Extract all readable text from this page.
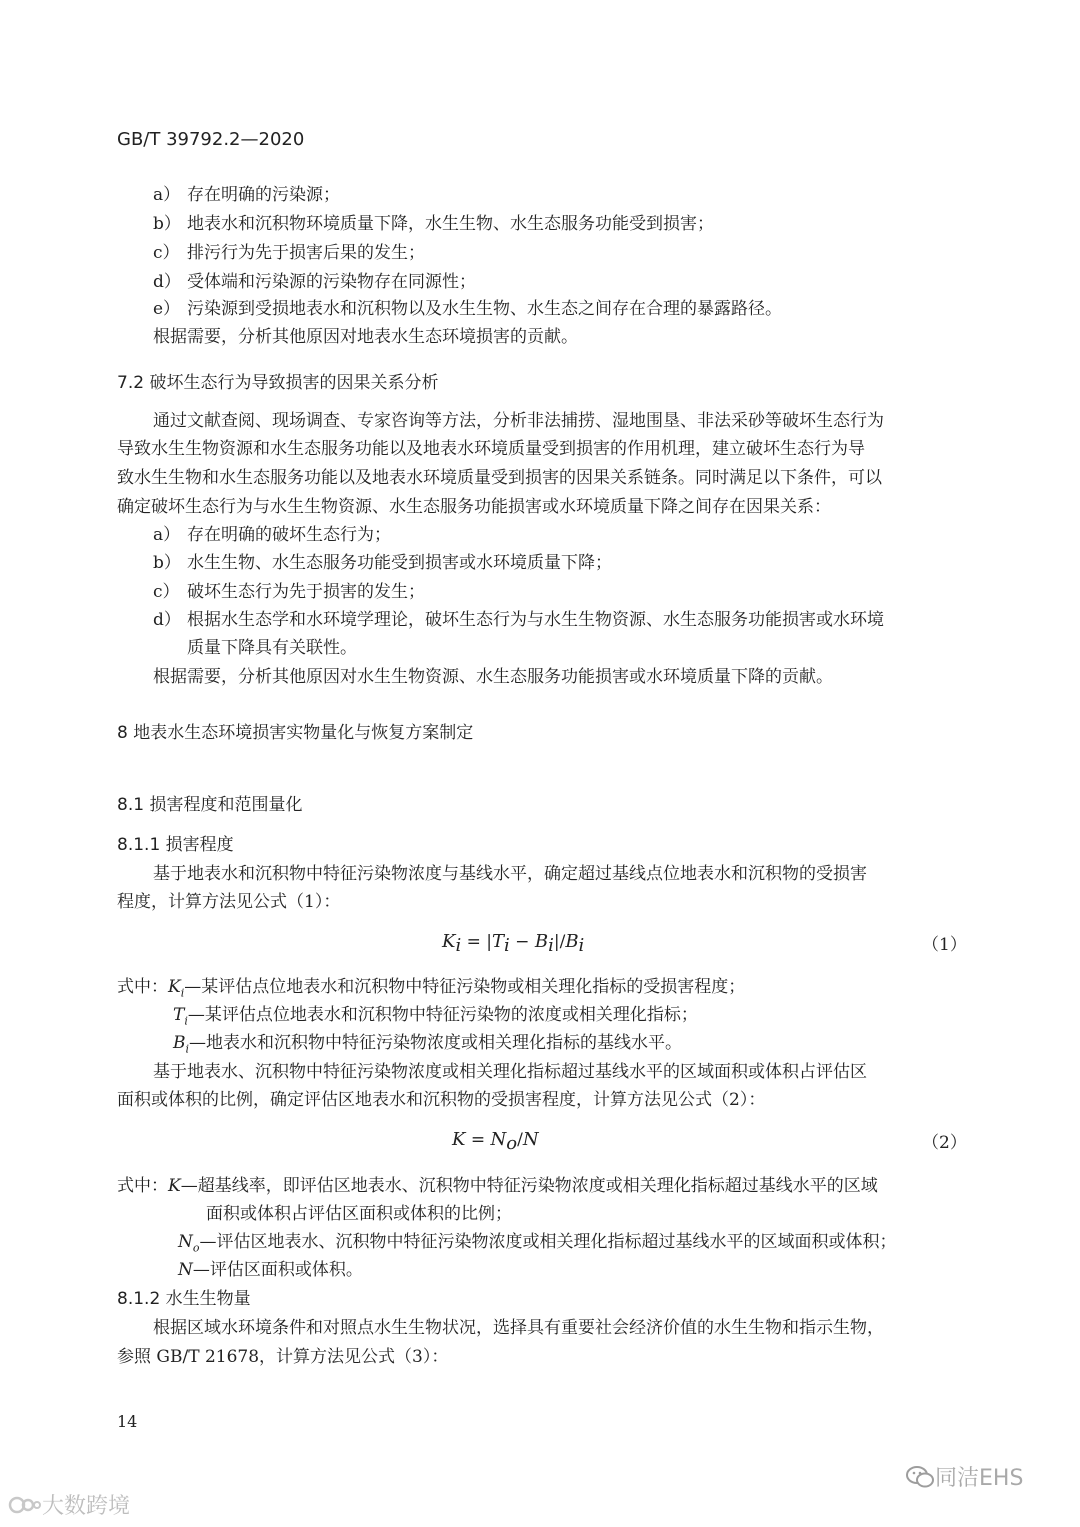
GB/T 39792.2—2020
a） 存在明确的污染源；
b） 地表水和沉积物环境质量下降，水生生物、水生态服务功能受到损害；
c） 排污行为先于损害后果的发生；
d） 受体端和污染源的污染物存在同源性；
e） 污染源到受损地表水和沉积物以及水生生物、水生态之间存在合理的暴露路径。
根据需要，分析其他原因对地表水生态环境损害的贡献。
7.2 破坏生态行为导致损害的因果关系分析
通过文献查阅、现场调查、专家咨询等方法，分析非法捕捞、湿地围垦、非法采砂等破坏生态行为
导致水生生物资源和水生态服务功能以及地表水环境质量受到损害的作用机理，建立破坏生态行为导
致水生生物和水生态服务功能以及地表水环境质量受到损害的因果关系链条。同时满足以下条件，可以
确定破坏生态行为与水生生物资源、水生态服务功能损害或水环境质量下降之间存在因果关系：
a） 存在明确的破坏生态行为；
b） 水生生物、水生态服务功能受到损害或水环境质量下降；
c） 破坏生态行为先于损害的发生；
d） 根据水生态学和水环境学理论，破坏生态行为与水生生物资源、水生态服务功能损害或水环境
质量下降具有关联性。
根据需要，分析其他原因对水生生物资源、水生态服务功能损害或水环境质量下降的贡献。
8 地表水生态环境损害实物量化与恢复方案制定
8.1 损害程度和范围量化
8.1.1 损害程度
基于地表水和沉积物中特征污染物浓度与基线水平，确定超过基线点位地表水和沉积物的受损害
程度，计算方法见公式（1）：
$K_i = |T_i - B_i|/B_i$	（1）
式中：$K_i—$某评估点位地表水和沉积物中特征污染物或相关理化指标的受损害程度；
$T_i—$某评估点位地表水和沉积物中特征污染物的浓度或相关理化指标；
$B_i—$地表水和沉积物中特征污染物浓度或相关理化指标的基线水平。
基于地表水、沉积物中特征污染物浓度或相关理化指标超过基线水平的区域面积或体积占评估区
面积或体积的比例，确定评估区地表水和沉积物的受损害程度，计算方法见公式（2）：
$K = N_o/N$	（2）
式中：K—超基线率，即评估区地表水、沉积物中特征污染物浓度或相关理化指标超过基线水平的区域
面积或体积占评估区面积或体积的比例；
$N_o—$评估区地表水、沉积物中特征污染物浓度或相关理化指标超过基线水平的区域面积或体积；
N—评估区面积或体积。
8.1.2 水生生物量
根据区域水环境条件和对照点水生生物状况，选择具有重要社会经济价值的水生生物和指示生物，
参照 GB/T 21678，计算方法见公式（3）：
14
大数跨境
同洁EHS
